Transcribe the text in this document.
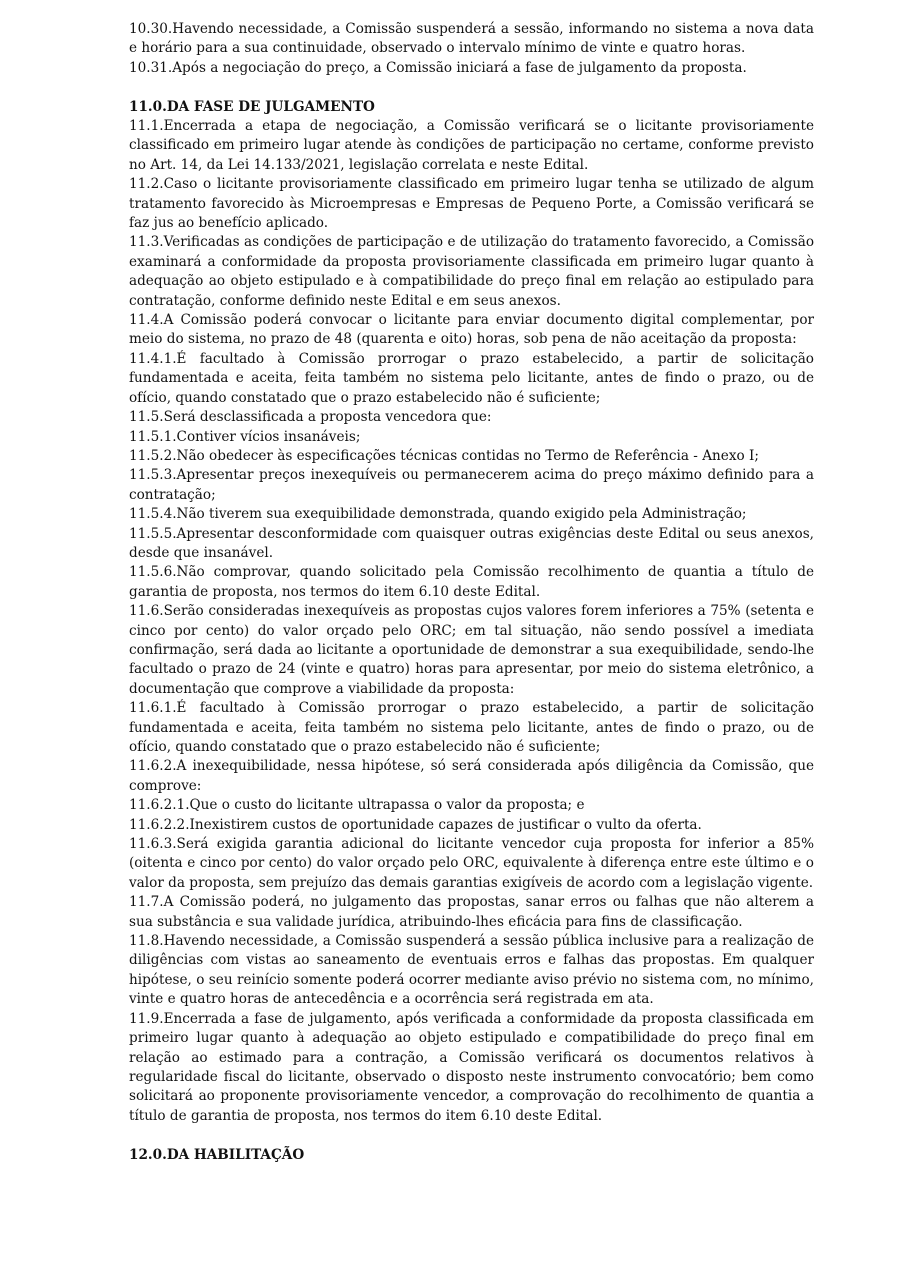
10.30.Havendo necessidade, a Comissão suspenderá a sessão, informando no sistema a nova data e horário para a sua continuidade, observado o intervalo mínimo de vinte e quatro horas.

10.31.Após a negociação do preço, a Comissão iniciará a fase de julgamento da proposta.

11.0.DA FASE DE JULGAMENTO

11.1.Encerrada a etapa de negociação, a Comissão verificará se o licitante provisoriamente classificado em primeiro lugar atende às condições de participação no certame, conforme previsto no Art. 14, da Lei 14.133/2021, legislação correlata e neste Edital.

11.2.Caso o licitante provisoriamente classificado em primeiro lugar tenha se utilizado de algum tratamento favorecido às Microempresas e Empresas de Pequeno Porte, a Comissão verificará se faz jus ao benefício aplicado.

11.3.Verificadas as condições de participação e de utilização do tratamento favorecido, a Comissão examinará a conformidade da proposta provisoriamente classificada em primeiro lugar quanto à adequação ao objeto estipulado e à compatibilidade do preço final em relação ao estipulado para contratação, conforme definido neste Edital e em seus anexos.

11.4.A Comissão poderá convocar o licitante para enviar documento digital complementar, por meio do sistema, no prazo de 48 (quarenta e oito) horas, sob pena de não aceitação da proposta:

11.4.1.É facultado à Comissão prorrogar o prazo estabelecido, a partir de solicitação fundamentada e aceita, feita também no sistema pelo licitante, antes de findo o prazo, ou de ofício, quando constatado que o prazo estabelecido não é suficiente;

11.5.Será desclassificada a proposta vencedora que:

11.5.1.Contiver vícios insanáveis;

11.5.2.Não obedecer às especificações técnicas contidas no Termo de Referência - Anexo I;

11.5.3.Apresentar preços inexequíveis ou permanecerem acima do preço máximo definido para a contratação;

11.5.4.Não tiverem sua exequibilidade demonstrada, quando exigido pela Administração;

11.5.5.Apresentar desconformidade com quaisquer outras exigências deste Edital ou seus anexos, desde que insanável.

11.5.6.Não comprovar, quando solicitado pela Comissão recolhimento de quantia a título de garantia de proposta, nos termos do item 6.10 deste Edital.

11.6.Serão consideradas inexequíveis as propostas cujos valores forem inferiores a 75% (setenta e cinco por cento) do valor orçado pelo ORC; em tal situação, não sendo possível a imediata confirmação, será dada ao licitante a oportunidade de demonstrar a sua exequibilidade, sendo-lhe facultado o prazo de 24 (vinte e quatro) horas para apresentar, por meio do sistema eletrônico, a documentação que comprove a viabilidade da proposta:

11.6.1.É facultado à Comissão prorrogar o prazo estabelecido, a partir de solicitação fundamentada e aceita, feita também no sistema pelo licitante, antes de findo o prazo, ou de ofício, quando constatado que o prazo estabelecido não é suficiente;

11.6.2.A inexequibilidade, nessa hipótese, só será considerada após diligência da Comissão, que comprove:

11.6.2.1.Que o custo do licitante ultrapassa o valor da proposta; e

11.6.2.2.Inexistirem custos de oportunidade capazes de justificar o vulto da oferta.

11.6.3.Será exigida garantia adicional do licitante vencedor cuja proposta for inferior a 85% (oitenta e cinco por cento) do valor orçado pelo ORC, equivalente à diferença entre este último e o valor da proposta, sem prejuízo das demais garantias exigíveis de acordo com a legislação vigente.

11.7.A Comissão poderá, no julgamento das propostas, sanar erros ou falhas que não alterem a sua substância e sua validade jurídica, atribuindo-lhes eficácia para fins de classificação.

11.8.Havendo necessidade, a Comissão suspenderá a sessão pública inclusive para a realização de diligências com vistas ao saneamento de eventuais erros e falhas das propostas. Em qualquer hipótese, o seu reinício somente poderá ocorrer mediante aviso prévio no sistema com, no mínimo, vinte e quatro horas de antecedência e a ocorrência será registrada em ata.

11.9.Encerrada a fase de julgamento, após verificada a conformidade da proposta classificada em primeiro lugar quanto à adequação ao objeto estipulado e compatibilidade do preço final em relação ao estimado para a contração, a Comissão verificará os documentos relativos à regularidade fiscal do licitante, observado o disposto neste instrumento convocatório; bem como solicitará ao proponente provisoriamente vencedor, a comprovação do recolhimento de quantia a título de garantia de proposta, nos termos do item 6.10 deste Edital.

12.0.DA HABILITAÇÃO
